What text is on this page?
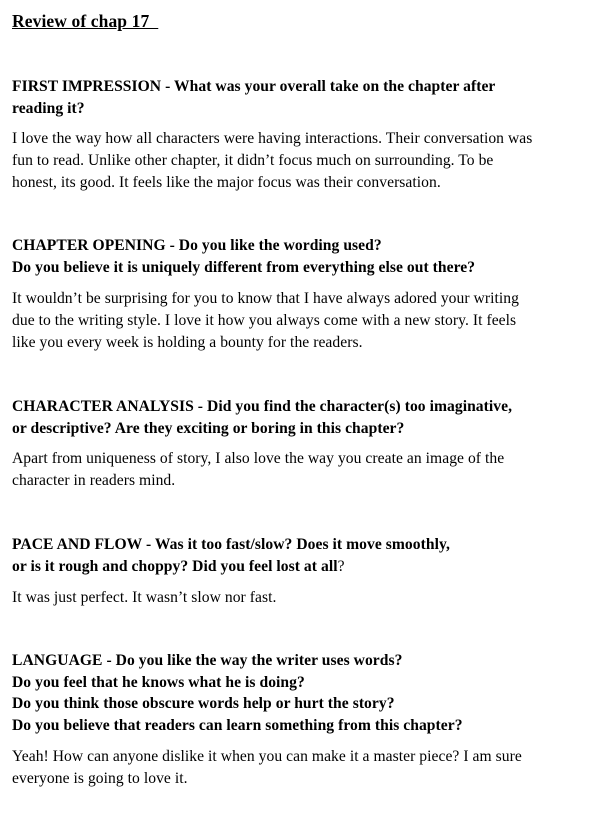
Review of chap 17
FIRST IMPRESSION - What was your overall take on the chapter after
reading it?
I love the way how all characters were having interactions. Their conversation was
fun to read. Unlike other chapter, it didn’t focus much on surrounding. To be
honest, its good. It feels like the major focus was their conversation.
CHAPTER OPENING - Do you like the wording used?
Do you believe it is uniquely different from everything else out there?
It wouldn’t be surprising for you to know that I have always adored your writing
due to the writing style. I love it how you always come with a new story. It feels
like you every week is holding a bounty for the readers.
CHARACTER ANALYSIS - Did you find the character(s) too imaginative,
or descriptive? Are they exciting or boring in this chapter?
Apart from uniqueness of story, I also love the way you create an image of the
character in readers mind.
PACE AND FLOW - Was it too fast/slow? Does it move smoothly,
or is it rough and choppy? Did you feel lost at all?
It was just perfect. It wasn’t slow nor fast.
LANGUAGE - Do you like the way the writer uses words?
Do you feel that he knows what he is doing?
Do you think those obscure words help or hurt the story?
Do you believe that readers can learn something from this chapter?
Yeah! How can anyone dislike it when you can make it a master piece? I am sure
everyone is going to love it.
